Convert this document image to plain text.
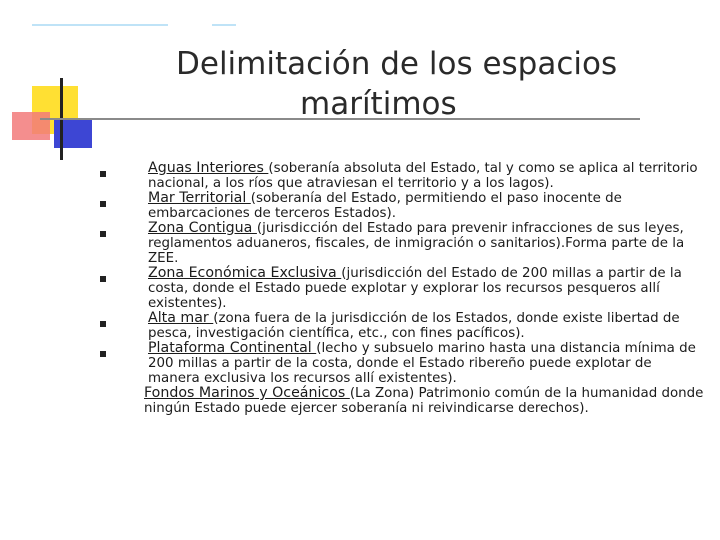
Delimitación de los espacios
marítimos
Aguas Interiores (soberanía absoluta del Estado, tal y como se aplica al territorio nacional, a los ríos que atraviesan el territorio y a los lagos).
Mar Territorial (soberanía del Estado, permitiendo el paso inocente de embarcaciones de terceros Estados).
Zona Contigua (jurisdicción del Estado para prevenir infracciones de sus leyes, reglamentos aduaneros, fiscales, de inmigración o sanitarios).Forma parte de la ZEE.
Zona Económica Exclusiva (jurisdicción del Estado de 200 millas a partir de la costa, donde el Estado puede explotar y explorar los recursos pesqueros allí existentes).
Alta mar (zona fuera de la jurisdicción de los Estados, donde existe libertad de pesca, investigación científica, etc., con fines pacíficos).
Plataforma Continental (lecho y subsuelo marino hasta una distancia mínima de 200 millas a partir de la costa, donde el Estado ribereño puede explotar de manera exclusiva los recursos allí existentes).
Fondos Marinos y Oceánicos (La Zona) Patrimonio común de la humanidad donde ningún Estado puede ejercer soberanía ni reivindicarse derechos).
